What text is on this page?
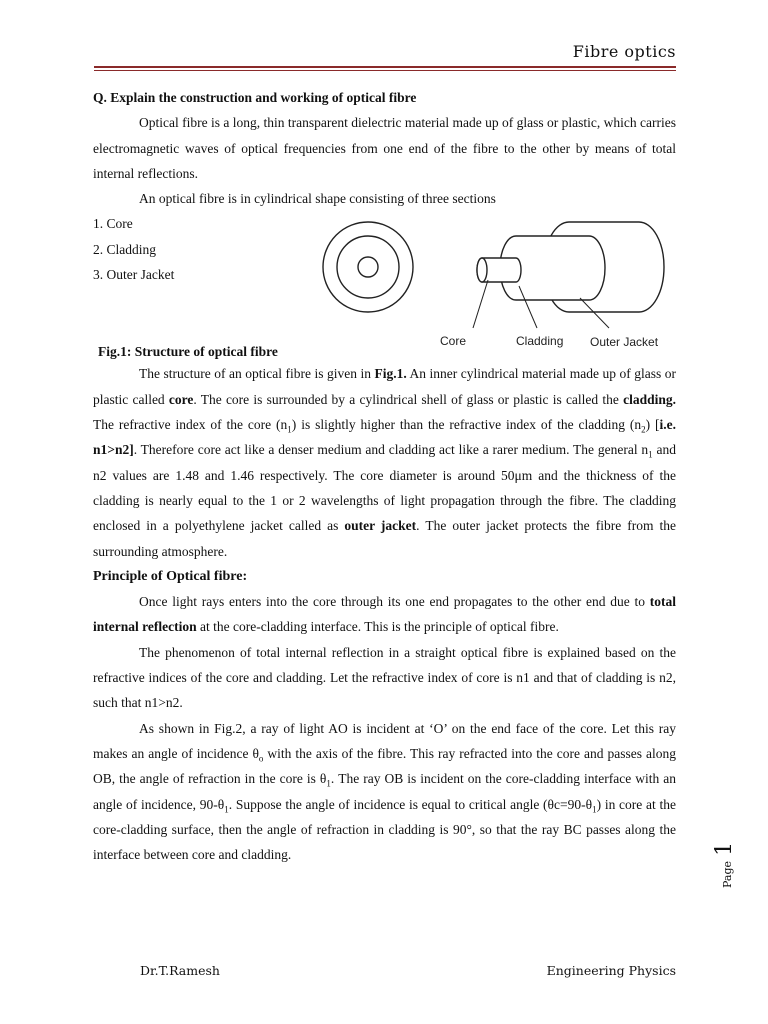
Fibre optics

Q. Explain the construction and working of optical fibre

Optical fibre is a long, thin transparent dielectric material made up of glass or plastic, which carries electromagnetic waves of optical frequencies from one end of the fibre to the other by means of total internal reflections.

An optical fibre is in cylindrical shape consisting of three sections

1. Core
2. Cladding
3. Outer Jacket
Core	Cladding Outer Jacket
Fig.1: Structure of optical fibre

The structure of an optical fibre is given in Fig.1. An inner cylindrical material made up of glass or plastic called core. The core is surrounded by a cylindrical shell of glass or plastic is called the cladding. The refractive index of the core $(n_1)$ is slightly higher than the refractive index of the cladding $(n_2)$ [i.e. n1>n2]. Therefore core act like a denser medium and cladding act like a rarer medium. The general $n_1$ and n2 values are 1.48 and 1.46 respectively. The core diameter is around 50μm and the thickness of the cladding is nearly equal to the 1 or 2 wavelengths of light propagation through the fibre. The cladding enclosed in a polyethylene jacket called as outer jacket. The outer jacket protects the fibre from the surrounding atmosphere.

Principle of Optical fibre:

Once light rays enters into the core through its one end propagates to the other end due to total internal reflection at the core-cladding interface. This is the principle of optical fibre.

The phenomenon of total internal reflection in a straight optical fibre is explained based on the refractive indices of the core and cladding. Let the refractive index of core is n1 and that of cladding is n2, such that n1>n2.

As shown in Fig.2, a ray of light AO is incident at ‘O’ on the end face of the core. Let this ray makes an angle of incidence $\theta_o$ with the axis of the fibre. This ray refracted into the core and passes along OB, the angle of refraction in the core is $\theta_1$. The ray OB is incident on the core-cladding interface with an angle of incidence, $90-\theta_1$. Suppose the angle of incidence is equal to critical angle $(\theta c=90-\theta_1)$ in core at the core-cladding surface, then the angle of refraction in cladding is 90°, so that the ray BC passes along the interface between core and cladding.

Dr.T.Ramesh	Engineering Physics
Page 1
